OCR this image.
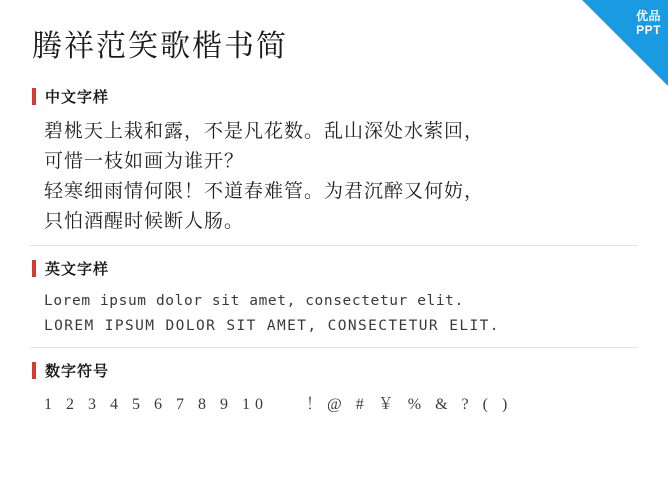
优品
PPT
腾祥范笑歌楷书简
中文字样
碧桃天上栽和露，不是凡花数。乱山深处水萦回，
可惜一枝如画为谁开？
轻寒细雨情何限！不道春难管。为君沉醉又何妨，
只怕酒醒时候断人肠。
英文字样
Lorem ipsum dolor sit amet, consectetur elit.
LOREM IPSUM DOLOR SIT AMET, CONSECTETUR ELIT.
数字符号
1 2 3 4 5 6 7 8 9 10 ！@ # ￥ % & ? ( )
